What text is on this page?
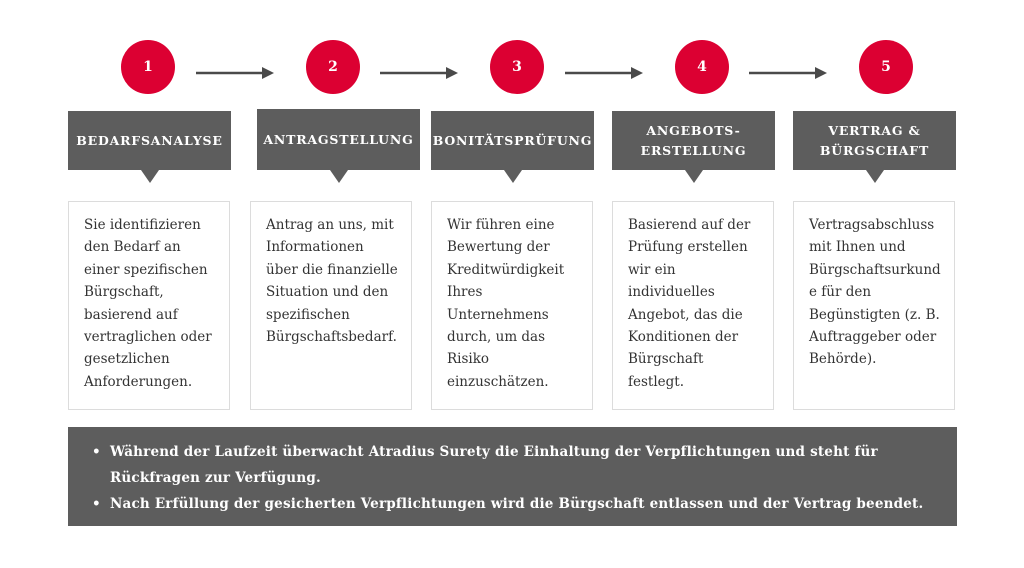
1	2	3	4	5
BEDARFSANALYSE	ANTRAGSTELLUNG BONITÄTSPRÜFUNG
ANGEBOTS-
ERSTELLUNG
VERTRAG &
BÜRGSCHAFT
Sie identifizieren
den Bedarf an
einer spezifischen
Bürgschaft,
basierend auf
vertraglichen oder
gesetzlichen
Anforderungen.
Antrag an uns, mit
Informationen
über die finanzielle
Situation und den
spezifischen
Bürgschaftsbedarf.
Wir führen eine
Bewertung der
Kreditwürdigkeit
Ihres
Unternehmens
durch, um das
Risiko
einzuschätzen.
Basierend auf der
Prüfung erstellen
wir ein
individuelles
Angebot, das die
Konditionen der
Bürgschaft festlegt.
Vertragsabschluss
mit Ihnen und
Bürgschaftsurkund
e für den
Begünstigten (z. B.
Auftraggeber oder
Behörde).
• Während der Laufzeit überwacht Atradius Surety die Einhaltung der Verpflichtungen und steht für Rückfragen zur Verfügung.
• Nach Erfüllung der gesicherten Verpflichtungen wird die Bürgschaft entlassen und der Vertrag beendet.
